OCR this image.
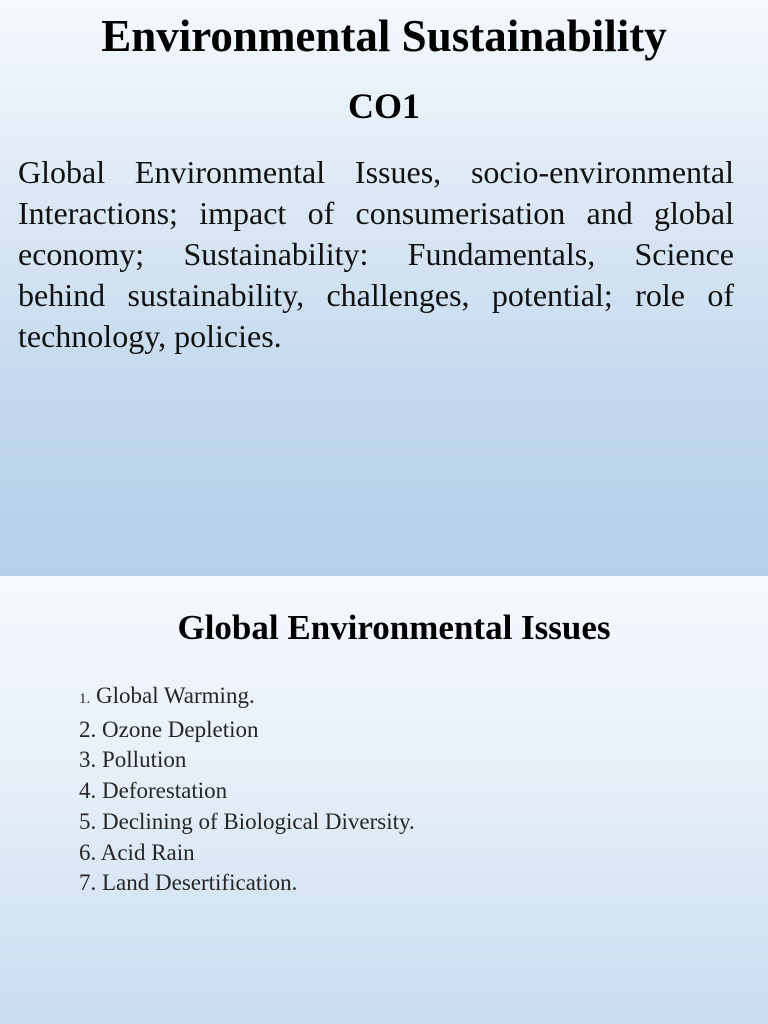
Environmental Sustainability
CO1

Global Environmental Issues, socio-environmental Interactions; impact of consumerisation and global economy; Sustainability: Fundamentals, Science behind sustainability, challenges, potential; role of technology, policies.

Global Environmental Issues
1. Global Warming.
2. Ozone Depletion
3. Pollution
4. Deforestation
5. Declining of Biological Diversity.
6. Acid Rain
7. Land Desertification.
